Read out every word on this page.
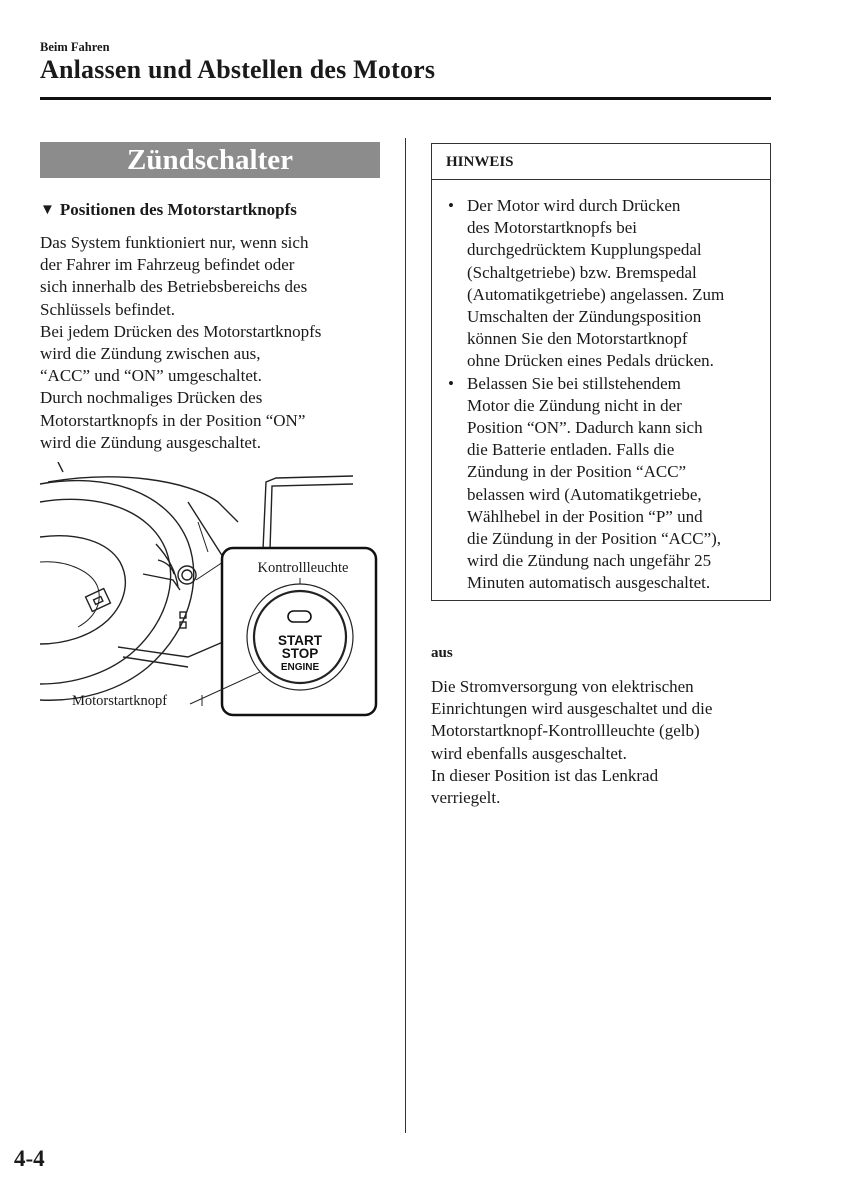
Beim Fahren
Anlassen und Abstellen des Motors
Zündschalter
▼ Positionen des Motorstartknopfs
Das System funktioniert nur, wenn sich
der Fahrer im Fahrzeug befindet oder
sich innerhalb des Betriebsbereichs des
Schlüssels befindet.
Bei jedem Drücken des Motorstartknopfs
wird die Zündung zwischen aus,
“ACC” und “ON” umgeschaltet.
Durch nochmaliges Drücken des
Motorstartknopfs in der Position “ON”
wird die Zündung ausgeschaltet.
Kontrollleuchte
START
STOP
ENGINE
Motorstartknopf
HINWEIS
• Der Motor wird durch Drücken
des Motorstartknopfs bei
durchgedrücktem Kupplungspedal
(Schaltgetriebe) bzw. Bremspedal
(Automatikgetriebe) angelassen. Zum
Umschalten der Zündungsposition
können Sie den Motorstartknopf
ohne Drücken eines Pedals drücken.
• Belassen Sie bei stillstehendem
Motor die Zündung nicht in der
Position “ON”. Dadurch kann sich
die Batterie entladen. Falls die
Zündung in der Position “ACC”
belassen wird (Automatikgetriebe,
Wählhebel in der Position “P” und
die Zündung in der Position “ACC”),
wird die Zündung nach ungefähr 25
Minuten automatisch ausgeschaltet.
aus
Die Stromversorgung von elektrischen
Einrichtungen wird ausgeschaltet und die
Motorstartknopf-Kontrollleuchte (gelb)
wird ebenfalls ausgeschaltet.
In dieser Position ist das Lenkrad
verriegelt.
4-4
